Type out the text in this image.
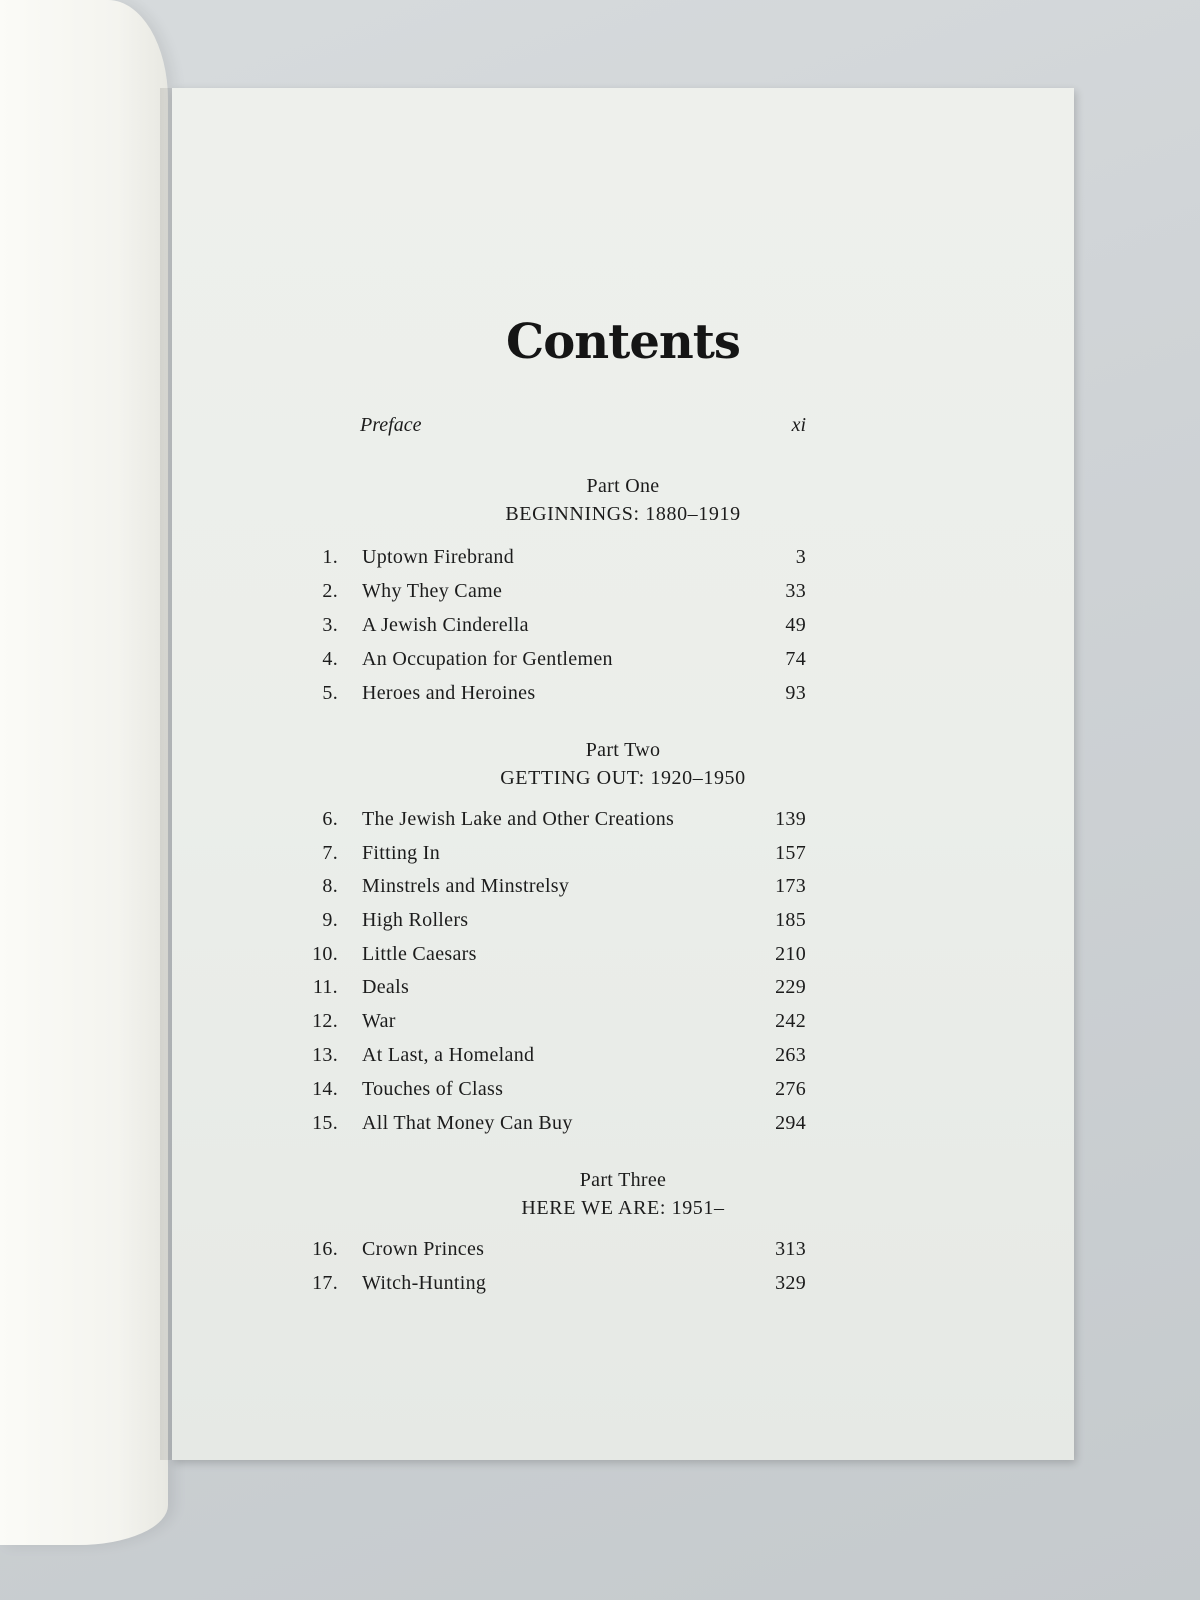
Contents
Preface	xi
Part One
BEGINNINGS: 1880–1919
1. Uptown Firebrand	3
2. Why They Came	33
3. A Jewish Cinderella	49
4. An Occupation for Gentlemen	74
5. Heroes and Heroines	93
Part Two
GETTING OUT: 1920–1950
6. The Jewish Lake and Other Creations	139
7. Fitting In	157
8. Minstrels and Minstrelsy	173
9. High Rollers	185
10. Little Caesars	210
11. Deals	229
12. War	242
13. At Last, a Homeland	263
14. Touches of Class	276
15. All That Money Can Buy	294
Part Three
HERE WE ARE: 1951–
16. Crown Princes	313
17. Witch-Hunting	329
